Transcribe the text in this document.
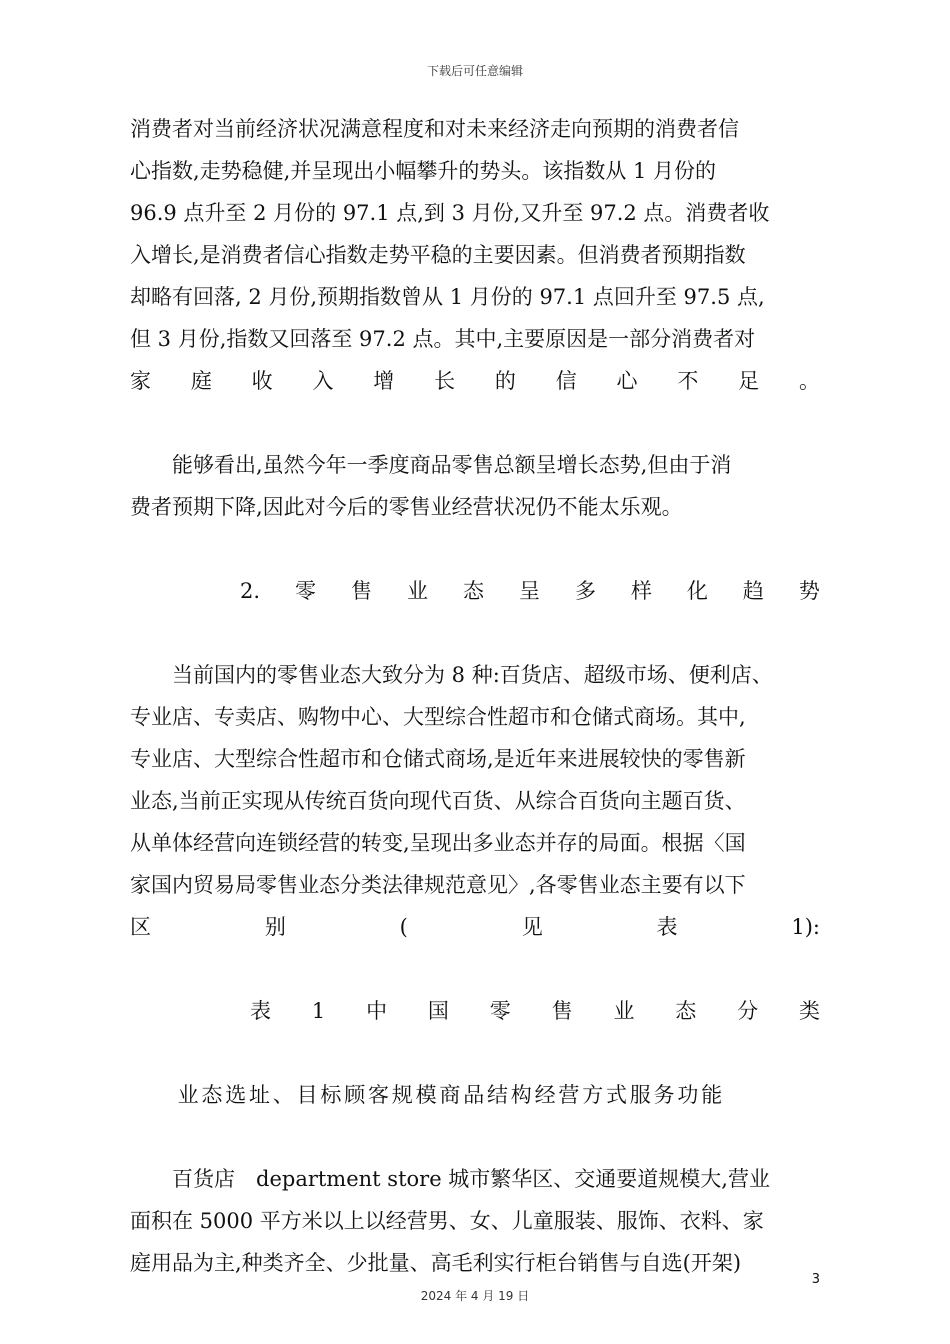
下载后可任意编辑
消费者对当前经济状况满意程度和对未来经济走向预期的消费者信
心指数,走势稳健,并呈现出小幅攀升的势头。该指数从 1 月份的
96.9 点升至 2 月份的 97.1 点,到 3 月份,又升至 97.2 点。消费者收
入增长,是消费者信心指数走势平稳的主要因素。但消费者预期指数
却略有回落, 2 月份,预期指数曾从 1 月份的 97.1 点回升至 97.5 点,
但 3 月份,指数又回落至 97.2 点。其中,主要原因是一部分消费者对
家 庭 收 入 增 长 的 信 心 不 足 。
　　能够看出,虽然今年一季度商品零售总额呈增长态势,但由于消
费者预期下降,因此对今后的零售业经营状况仍不能太乐观。
2. 零 售 业 态 呈 多 样 化 趋 势
　　当前国内的零售业态大致分为 8 种:百货店、超级市场、便利店、
专业店、专卖店、购物中心、大型综合性超市和仓储式商场。其中,
专业店、大型综合性超市和仓储式商场,是近年来进展较快的零售新
业态,当前正实现从传统百货向现代百货、从综合百货向主题百货、
从单体经营向连锁经营的转变,呈现出多业态并存的局面。根据〈国
家国内贸易局零售业态分类法律规范意见〉,各零售业态主要有以下
区	别	(	见	表	1):
表 1 中 国 零 售 业 态 分 类
　　业态选址、目标顾客规模商品结构经营方式服务功能
　　百货店　department store 城市繁华区、交通要道规模大,营业
面积在 5000 平方米以上以经营男、女、儿童服装、服饰、衣料、家
庭用品为主,种类齐全、少批量、高毛利实行柜台销售与自选(开架)
3
2024 年 4 月 19 日
